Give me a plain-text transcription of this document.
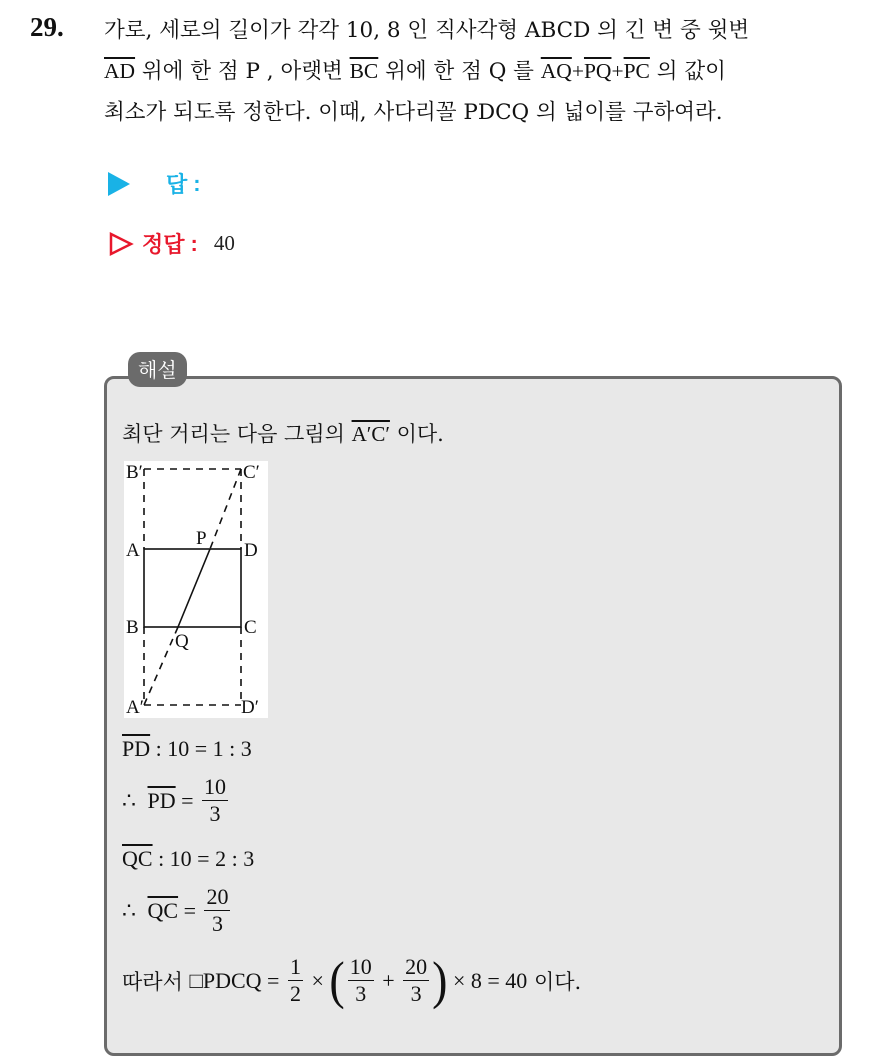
29. 가로, 세로의 길이가 각각 10, 8 인 직사각형 ABCD 의 긴 변 중 윗변
$\overline{AD}$ 위에 한 점 P , 아랫변 $\overline{BC}$ 위에 한 점 Q 를 $\overline{AQ}+\overline{PQ}+\overline{PC}$ 의 값이
최소가 되도록 정한다. 이때, 사다리꼴 PDCQ 의 넓이를 구하여라.
답 :
정답 : 40
해설
최단 거리는 다음 그림의 A′C′ 이다.
B′	C′
A
P
D
B
Q
C
A′	D′
$\overline{PD}$ : 10 = 1 : 3
∴ $\overline{PD} = \frac{10}{3}$
$\overline{QC}$ : 10 = 2 : 3
∴ $\overline{QC} = \frac{20}{3}$
따라서 □PDCQ = $\frac{1}{2}$ × ( $\frac{10}{3} + \frac{20}{3}$ ) × 8 = 40 이다.
